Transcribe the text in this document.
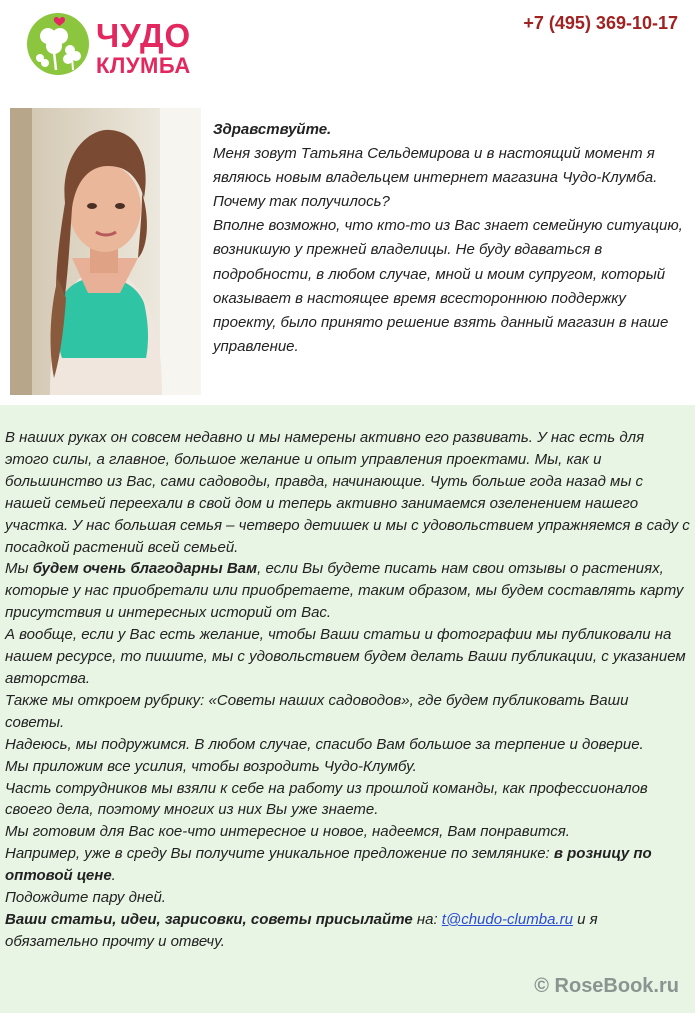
ЧУДО
КЛУМБА
+7 (495) 369-10-17

Здравствуйте.

Меня зовут Татьяна Сельдемирова и в настоящий момент я являюсь новым владельцем интернет магазина Чудо-Клумба.

Почему так получилось?

Вполне возможно, что кто-то из Вас знает семейную ситуацию, возникшую у прежней владелицы. Не буду вдаваться в подробности, в любом случае, мной и моим супругом, который оказывает в настоящее время всестороннюю поддержку проекту, было принято решение взять данный магазин в наше управление.

В наших руках он совсем недавно и мы намерены активно его развивать. У нас есть для этого силы, а главное, большое желание и опыт управления проектами. Мы, как и большинство из Вас, сами садоводы, правда, начинающие. Чуть больше года назад мы с нашей семьей переехали в свой дом и теперь активно занимаемся озеленением нашего участка. У нас большая семья – четверо детишек и мы с удовольствием упражняемся в саду с посадкой растений всей семьей.

Мы будем очень благодарны Вам, если Вы будете писать нам свои отзывы о растениях, которые у нас приобретали или приобретаете, таким образом, мы будем составлять карту присутствия и интересных историй от Вас.

А вообще, если у Вас есть желание, чтобы Ваши статьи и фотографии мы публиковали на нашем ресурсе, то пишите, мы с удовольствием будем делать Ваши публикации, с указанием авторства.

Также мы откроем рубрику: «Советы наших садоводов», где будем публиковать Ваши советы.

Надеюсь, мы подружимся. В любом случае, спасибо Вам большое за терпение и доверие.

Мы приложим все усилия, чтобы возродить Чудо-Клумбу.

Часть сотрудников мы взяли к себе на работу из прошлой команды, как профессионалов своего дела, поэтому многих из них Вы уже знаете.

Мы готовим для Вас кое-что интересное и новое, надеемся, Вам понравится.

Например, уже в среду Вы получите уникальное предложение по землянике: в розницу по оптовой цене.

Подождите пару дней.

Ваши статьи, идеи, зарисовки, советы присылайте на: t@chudo-clumba.ru и я обязательно прочту и отвечу.

© RoseBook.ru
